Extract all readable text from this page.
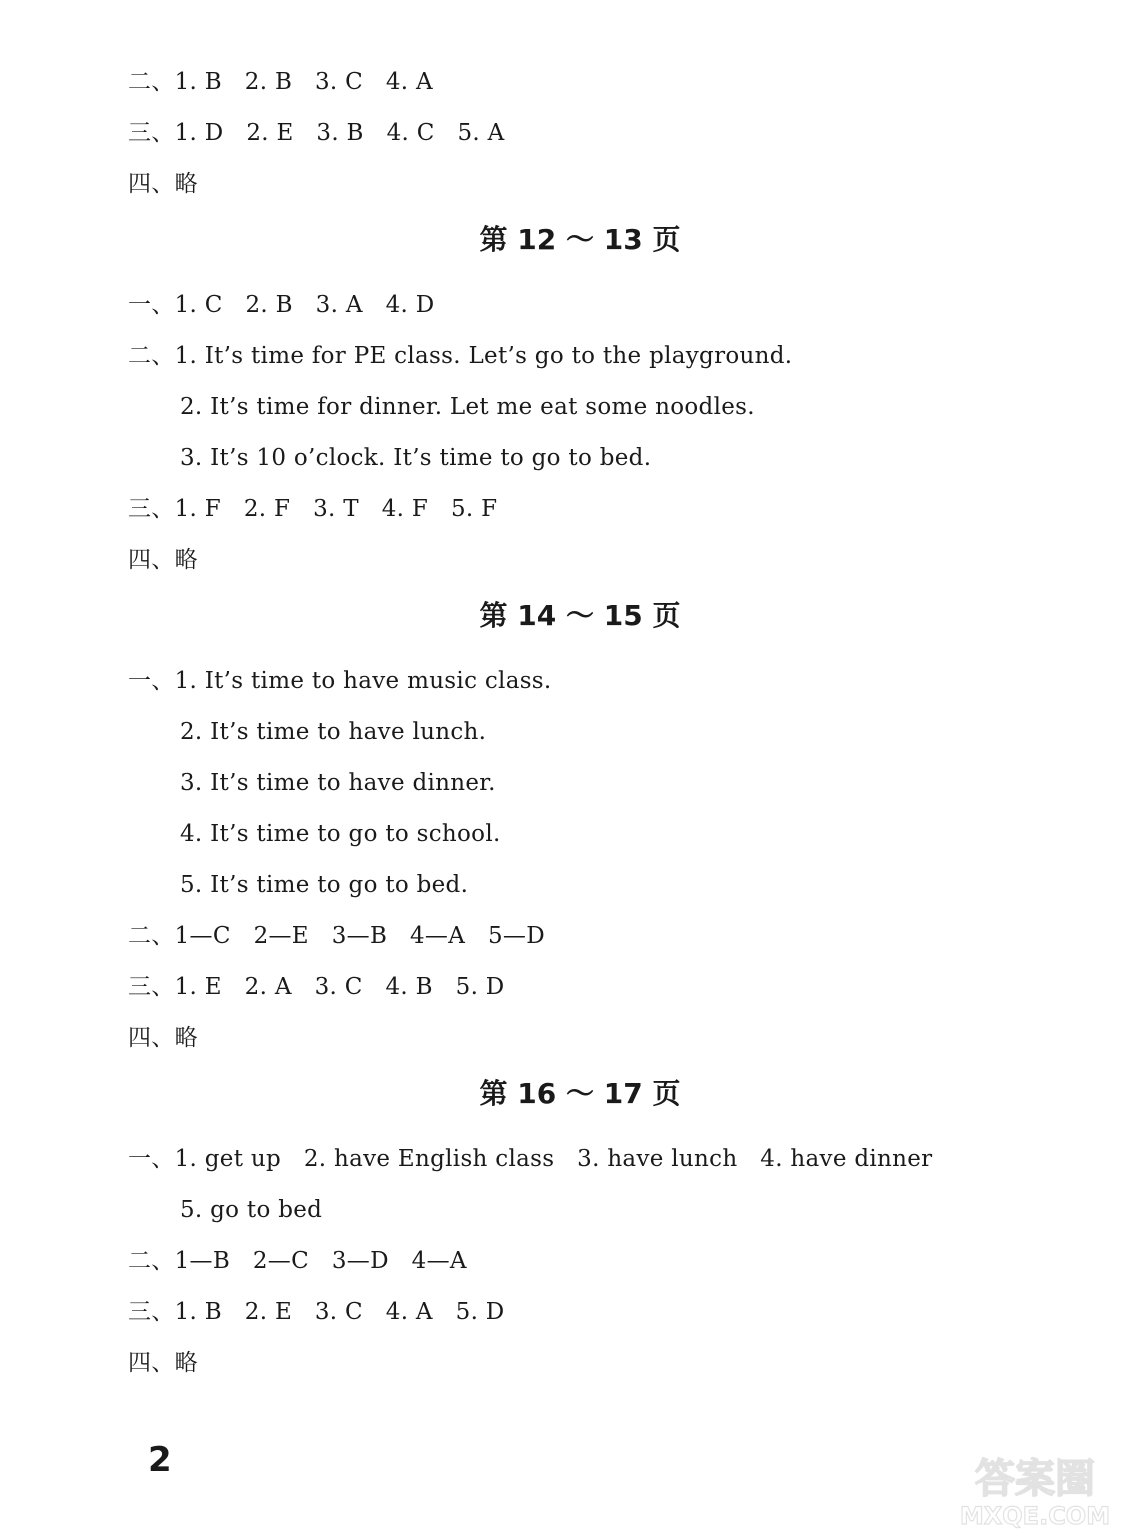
二、1. B   2. B   3. C   4. A
三、1. D   2. E   3. B   4. C   5. A
四、略
第 12 ～ 13 页
一、1. C   2. B   3. A   4. D
二、1. It’s time for PE class. Let’s go to the playground.
2. It’s time for dinner. Let me eat some noodles.
3. It’s 10 o’clock. It’s time to go to bed.
三、1. F   2. F   3. T   4. F   5. F
四、略
第 14 ～ 15 页
一、1. It’s time to have music class.
2. It’s time to have lunch.
3. It’s time to have dinner.
4. It’s time to go to school.
5. It’s time to go to bed.
二、1—C   2—E   3—B   4—A   5—D
三、1. E   2. A   3. C   4. B   5. D
四、略
第 16 ～ 17 页
一、1. get up   2. have English class   3. have lunch   4. have dinner
5. go to bed
二、1—B   2—C   3—D   4—A
三、1. B   2. E   3. C   4. A   5. D
四、略
2	答案圈
MXQE.COM
